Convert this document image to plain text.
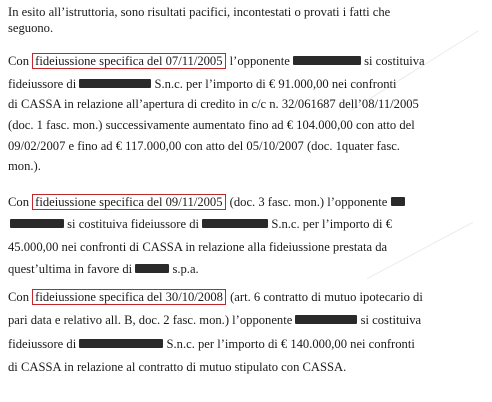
In esito all’istruttoria, sono risultati pacifici, incontestati o provati i fatti che
seguono.
Con fideiussione specifica del 07/11/2005 l’opponente	si costituiva
fideiussore di	S.n.c. per l’importo di € 91.000,00 nei confronti
di CASSA in relazione all’apertura di credito in c/c n. 32/061687 dell’08/11/2005
(doc. 1 fasc. mon.) successivamente aumentato fino ad € 104.000,00 con atto del
09/02/2007 e fino ad € 117.000,00 con atto del 05/10/2007 (doc. 1quater fasc.
mon.).
Con fideiussione specifica del 09/11/2005 (doc. 3 fasc. mon.) l’opponente
si costituiva fideiussore di	S.n.c. per l’importo di €
45.000,00 nei confronti di CASSA in relazione alla fideiussione prestata da
quest’ultima in favore di	s.p.a.
Con fideiussione specifica del 30/10/2008 (art. 6 contratto di mutuo ipotecario di
pari data e relativo all. B, doc. 2 fasc. mon.) l’opponente	si costituiva
fideiussore di	S.n.c. per l’importo di € 140.000,00 nei confronti
di CASSA in relazione al contratto di mutuo stipulato con CASSA.
